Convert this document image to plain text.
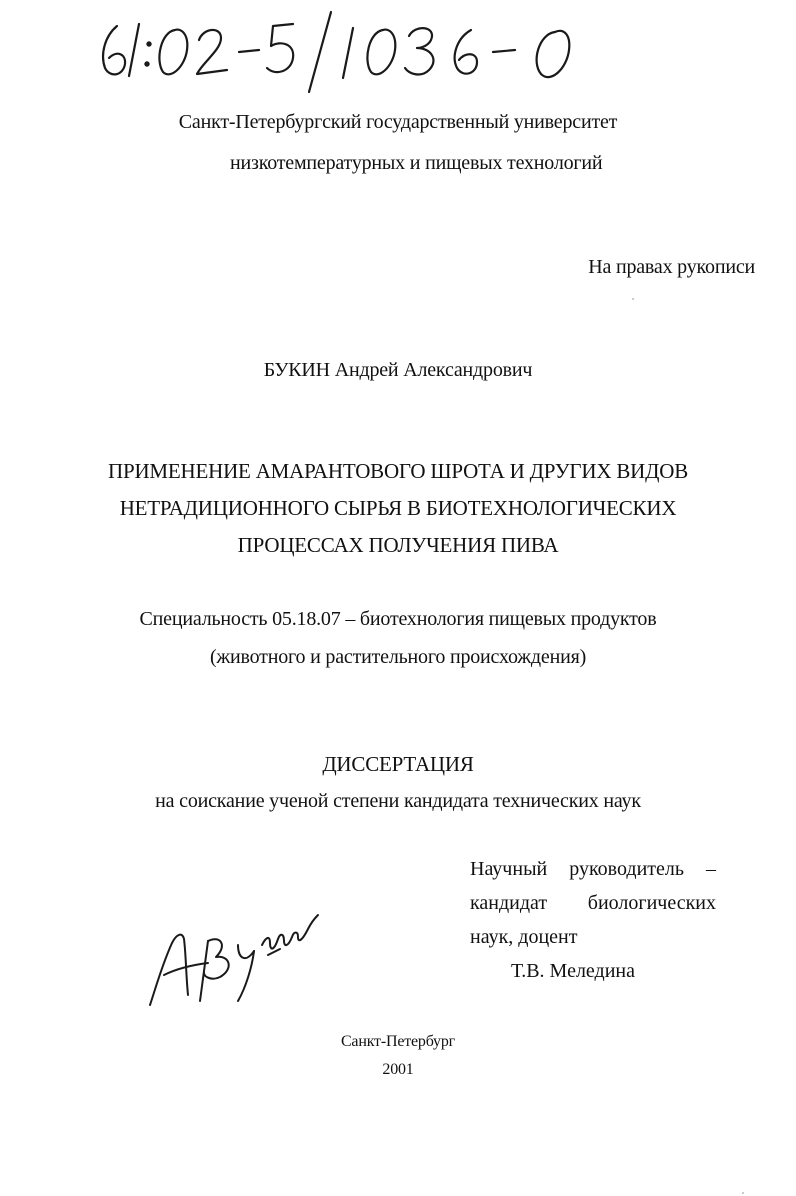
Санкт-Петербургский государственный университет
низкотемпературных и пищевых технологий
На правах рукописи
БУКИН Андрей Александрович
ПРИМЕНЕНИЕ АМАРАНТОВОГО ШРОТА И ДРУГИХ ВИДОВ
НЕТРАДИЦИОННОГО СЫРЬЯ В БИОТЕХНОЛОГИЧЕСКИХ
ПРОЦЕССАХ ПОЛУЧЕНИЯ ПИВА
Специальность 05.18.07 – биотехнология пищевых продуктов
(животного и растительного происхождения)
ДИССЕРТАЦИЯ
на соискание ученой степени кандидата технических наук
Научный руководитель –
кандидат биологических
наук, доцент
Т.В. Меледина
Санкт-Петербург
2001
